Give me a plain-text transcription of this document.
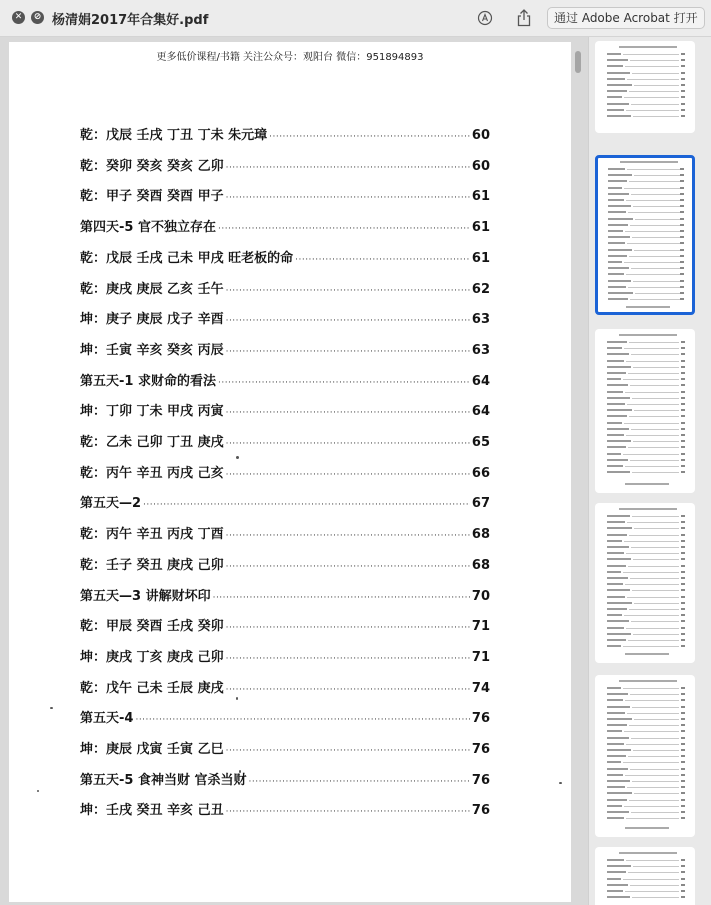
✕	⊘ 杨清娟2017年合集好.pdf	通过 Adobe Acrobat 打开
更多低价课程/书籍 关注公众号：观阳台 微信：951894893
乾：戊辰 壬戌 丁丑 丁未 朱元璋 ·····	60
乾：癸卯 癸亥 癸亥 乙卯 ·····	60
乾：甲子 癸酉 癸酉 甲子 ·····	61
第四天-5 官不独立存在 ·····	61
乾：戊辰 壬戌 己未 甲戌 旺老板的命 ·····	61
乾：庚戌 庚辰 乙亥 壬午 ·····	62
坤：庚子 庚辰 戊子 辛酉 ·····	63
坤：壬寅 辛亥 癸亥 丙辰 ·····	63
第五天-1 求财命的看法 ·····	64
坤：丁卯 丁未 甲戌 丙寅 ·····	64
乾：乙未 己卯 丁丑 庚戌 ·····	65
乾：丙午 辛丑 丙戌 己亥 ·····	66
第五天—2 ·····	67
乾：丙午 辛丑 丙戌 丁酉 ·····	68
乾：壬子 癸丑 庚戌 己卯 ·····	68
第五天—3 讲解财坏印 ·····	70
乾：甲辰 癸酉 壬戌 癸卯 ·····	71
坤：庚戌 丁亥 庚戌 己卯 ·····	71
乾：戊午 己未 壬辰 庚戌 ·····	74
第五天-4 ·····	76
坤：庚辰 戊寅 壬寅 乙巳 ·····	76
第五天-5 食神当财 官杀当财 ·····	76
坤：壬戌 癸丑 辛亥 己丑 ·····	76
